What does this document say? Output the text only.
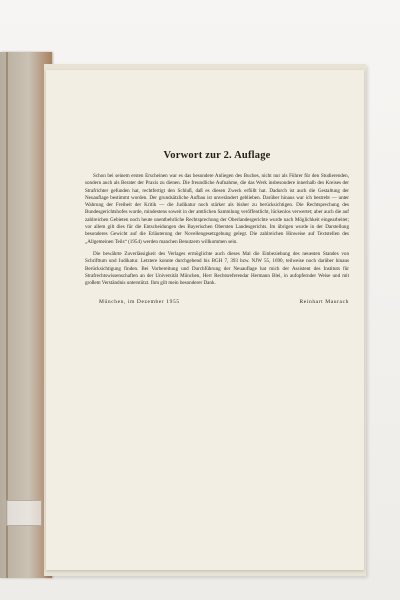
Vorwort zur 2. Auflage

Schon bei seinem ersten Erscheinen war es das besondere Anliegen des Buches, nicht nur als Führer für den Studierenden, sondern auch als Berater der Praxis zu dienen. Die freundliche Aufnahme, die das Werk insbesondere innerhalb des Kreises der Strafrichter gefunden hat, rechtfertigt den Schluß, daß es diesen Zweck erfüllt hat. Dadurch ist auch die Gestaltung der Neuauflage bestimmt worden. Der grundsätzliche Aufbau ist unverändert geblieben. Darüber hinaus war ich bestrebt — unter Wahrung der Freiheit der Kritik — die Judikatur noch stärker als bisher zu berücksichtigen. Die Rechtsprechung des Bundesgerichtshofes wurde, mindestens soweit in der amtlichen Sammlung veröffentlicht, lückenlos verwertet; aber auch die auf zahlreichen Gebieten noch heute unentbehrliche Rechtsprechung der Oberlandesgerichte wurde nach Möglichkeit eingearbeitet; vor allem gilt dies für die Entscheidungen des Bayerischen Obersten Landesgerichts. Im übrigen wurde in der Darstellung besonderes Gewicht auf die Erläuterung der Novellengesetzgebung gelegt. Die zahlreichen Hinweise auf Textstellen des „Allgemeinen Teils“ (1954) werden manchen Benutzern willkommen sein.

Die bewährte Zuverlässigkeit des Verlages ermöglichte auch dieses Mal die Einbeziehung des neuesten Standes von Schrifttum und Judikatur. Letztere konnte durchgehend bis BGH 7, 393 bzw. NJW 55, 1690, teilweise noch darüber hinaus Berücksichtigung finden. Bei Vorbereitung und Durchführung der Neuauflage hat mich der Assistent des Instituts für Strafrechtswissenschaften an der Universität München, Herr Rechtsreferendar Hermann Blei, in aufopfernder Weise und mit großem Verständnis unterstützt. Ihm gilt mein besonderer Dank.

München, im Dezember 1955	Reinhart Maurach
